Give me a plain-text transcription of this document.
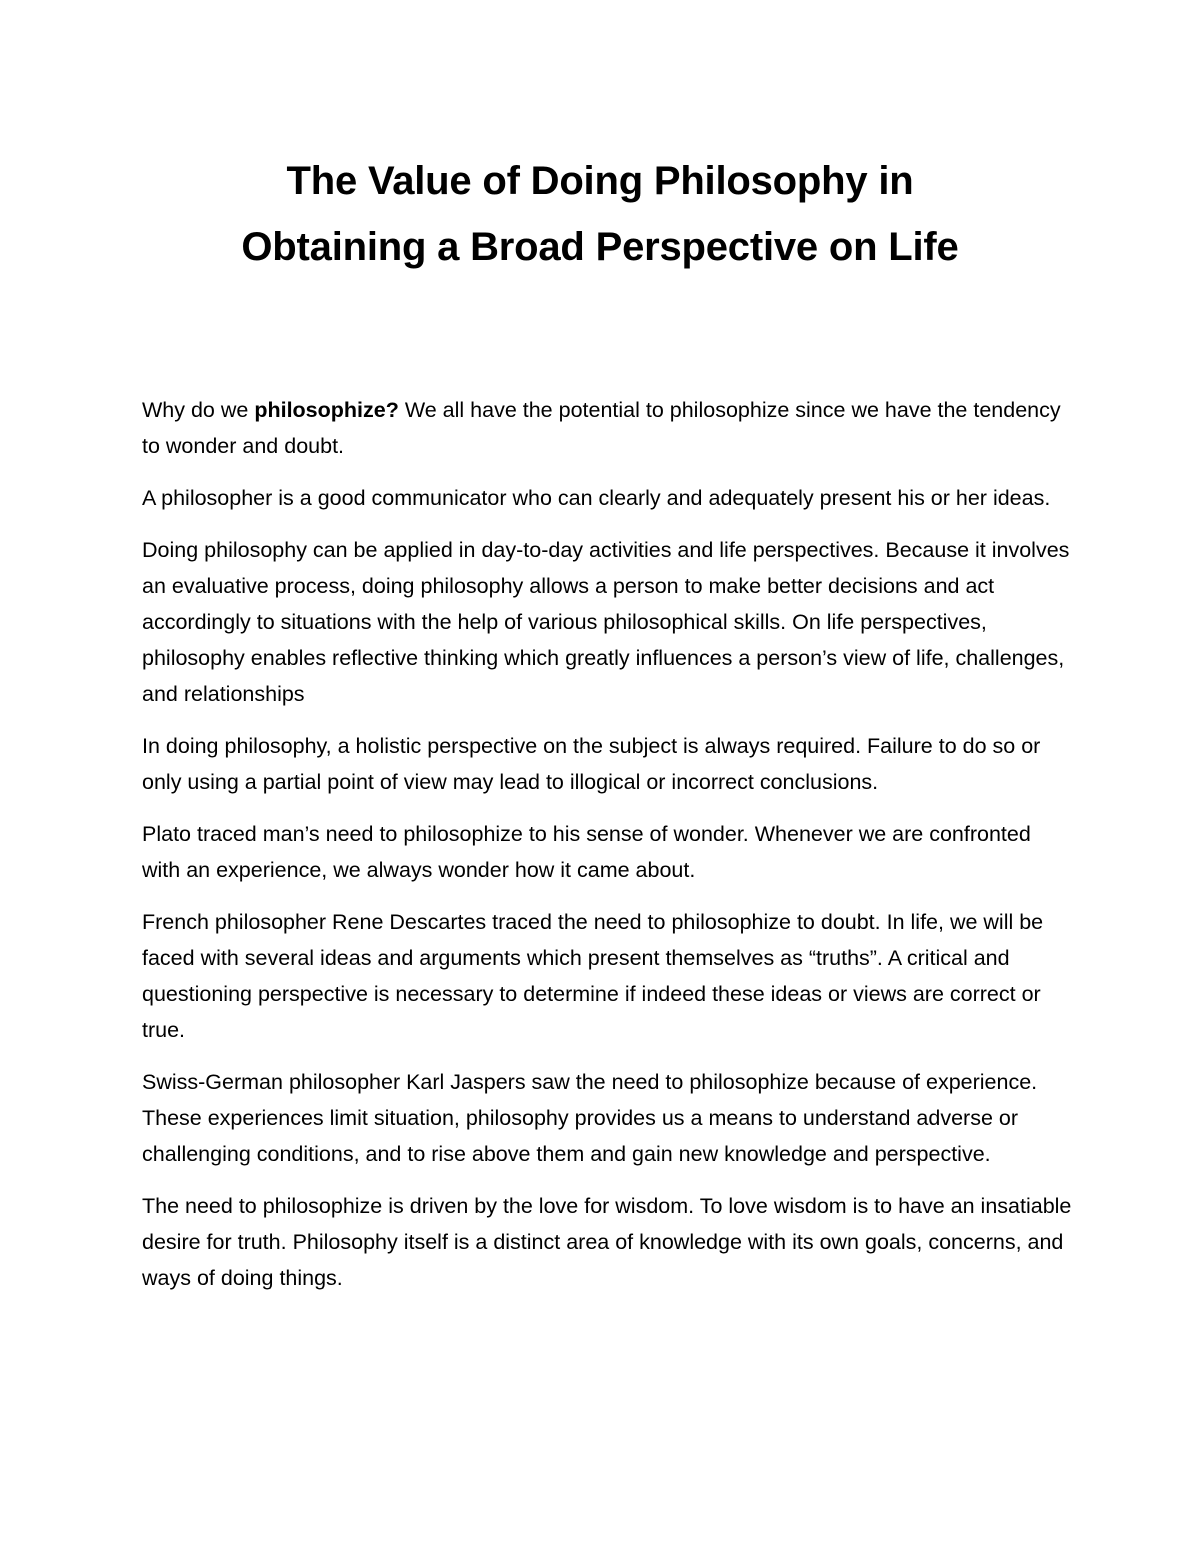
The Value of Doing Philosophy in
Obtaining a Broad Perspective on Life

Why do we philosophize? We all have the potential to philosophize since we have the tendency to wonder and doubt.

A philosopher is a good communicator who can clearly and adequately present his or her ideas.

Doing philosophy can be applied in day-to-day activities and life perspectives. Because it involves an evaluative process, doing philosophy allows a person to make better decisions and act accordingly to situations with the help of various philosophical skills. On life perspectives, philosophy enables reflective thinking which greatly influences a person’s view of life, challenges, and relationships

In doing philosophy, a holistic perspective on the subject is always required. Failure to do so or only using a partial point of view may lead to illogical or incorrect conclusions.

Plato traced man’s need to philosophize to his sense of wonder. Whenever we are confronted with an experience, we always wonder how it came about.

French philosopher Rene Descartes traced the need to philosophize to doubt. In life, we will be faced with several ideas and arguments which present themselves as “truths”. A critical and questioning perspective is necessary to determine if indeed these ideas or views are correct or true.

Swiss-German philosopher Karl Jaspers saw the need to philosophize because of experience. These experiences limit situation, philosophy provides us a means to understand adverse or challenging conditions, and to rise above them and gain new knowledge and perspective.

The need to philosophize is driven by the love for wisdom. To love wisdom is to have an insatiable desire for truth. Philosophy itself is a distinct area of knowledge with its own goals, concerns, and ways of doing things.
